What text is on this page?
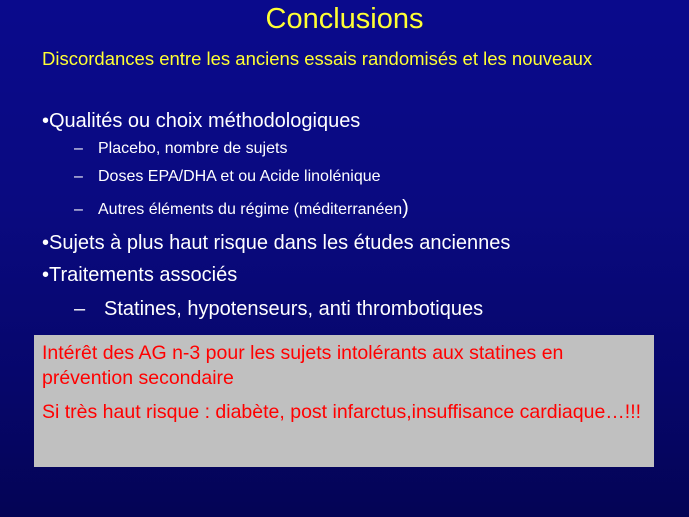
Conclusions
Discordances entre les anciens essais randomisés et les nouveaux
•Qualités ou choix méthodologiques
– Placebo, nombre de sujets
– Doses EPA/DHA et ou Acide linolénique
– Autres éléments du régime (méditerranéen)
•Sujets à plus haut risque dans les études anciennes
•Traitements associés
– Statines, hypotenseurs, anti thrombotiques

Intérêt des AG n-3 pour les sujets intolérants aux statines en prévention secondaire

Si très haut risque : diabète, post infarctus,insuffisance cardiaque…!!!
